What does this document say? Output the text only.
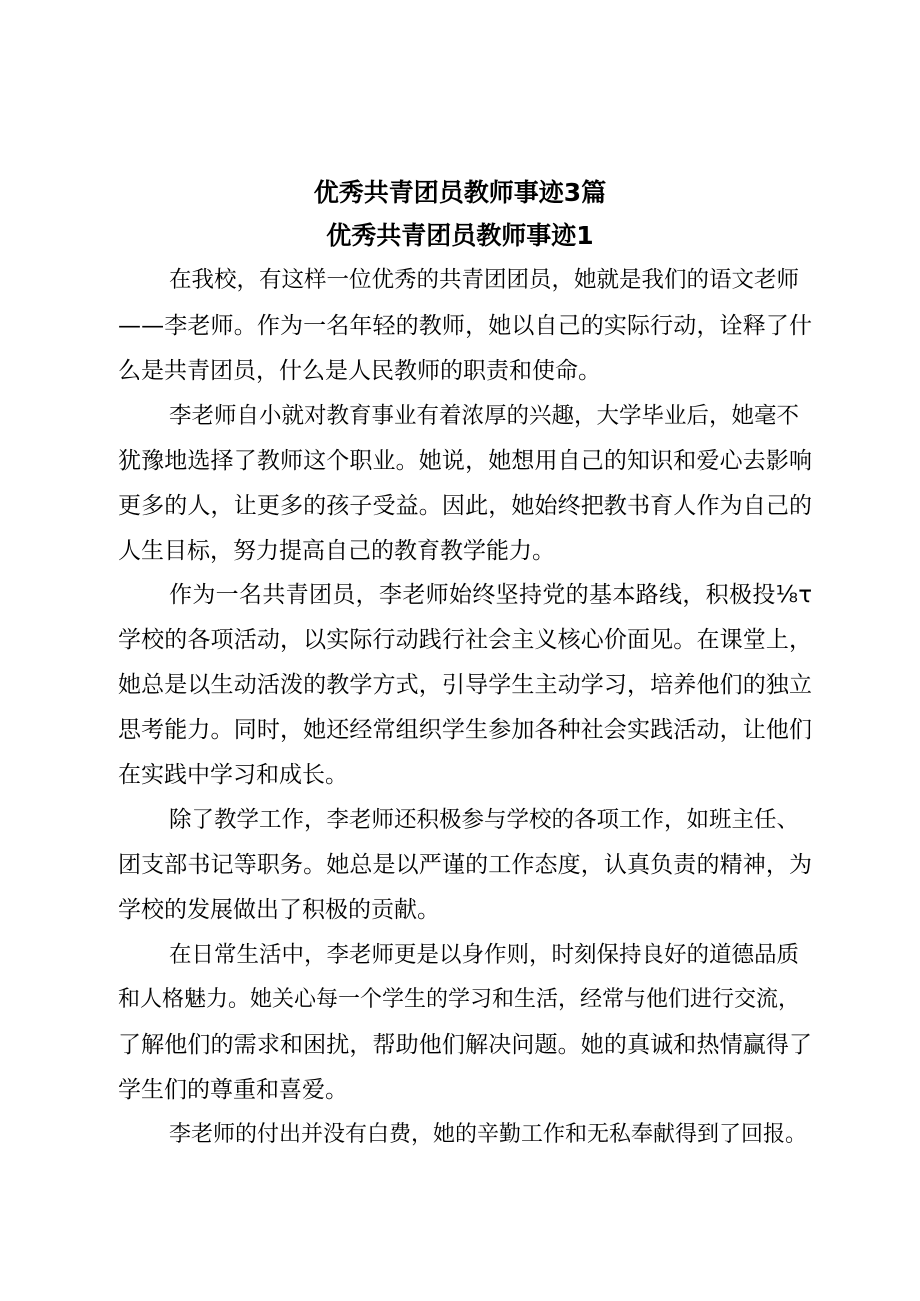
优秀共青团员教师事迹3篇
优秀共青团员教师事迹1
在我校，有这样一位优秀的共青团团员，她就是我们的语文老师
——李老师。作为一名年轻的教师，她以自己的实际行动，诠释了什
么是共青团员，什么是人民教师的职责和使命。
李老师自小就对教育事业有着浓厚的兴趣，大学毕业后，她毫不
犹豫地选择了教师这个职业。她说，她想用自己的知识和爱心去影响
更多的人，让更多的孩子受益。因此，她始终把教书育人作为自己的
人生目标，努力提高自己的教育教学能力。
作为一名共青团员，李老师始终坚持党的基本路线，积极投⅛τ
学校的各项活动，以实际行动践行社会主义核心价面见。在课堂上，
她总是以生动活泼的教学方式，引导学生主动学习，培养他们的独立
思考能力。同时，她还经常组织学生参加各种社会实践活动，让他们
在实践中学习和成长。
除了教学工作，李老师还积极参与学校的各项工作，如班主任、
团支部书记等职务。她总是以严谨的工作态度，认真负责的精神，为
学校的发展做出了积极的贡献。
在日常生活中，李老师更是以身作则，时刻保持良好的道德品质
和人格魅力。她关心每一个学生的学习和生活，经常与他们进行交流，
了解他们的需求和困扰，帮助他们解决问题。她的真诚和热情赢得了
学生们的尊重和喜爱。
李老师的付出并没有白费，她的辛勤工作和无私奉献得到了回报。
